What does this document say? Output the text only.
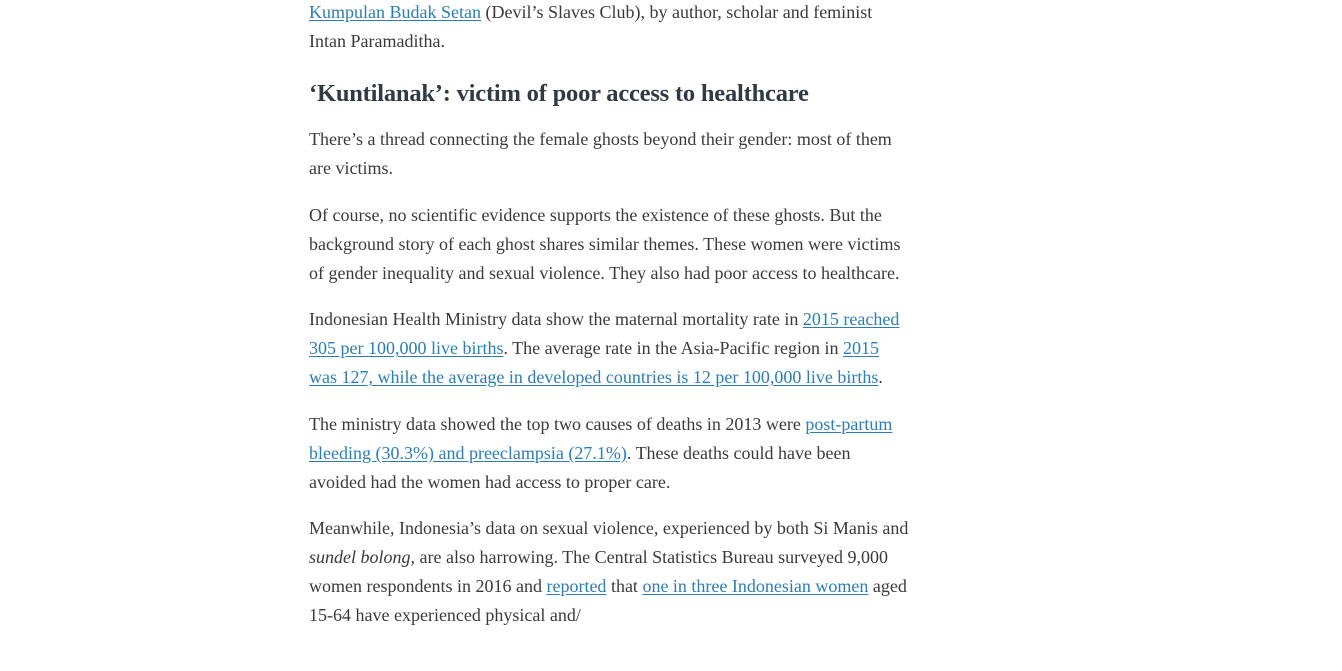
Kumpulan Budak Setan (Devil’s Slaves Club), by author, scholar and feminist Intan Paramaditha.

‘Kuntilanak’: victim of poor access to healthcare

There’s a thread connecting the female ghosts beyond their gender: most of them are victims.

Of course, no scientific evidence supports the existence of these ghosts. But the background story of each ghost shares similar themes. These women were victims of gender inequality and sexual violence. They also had poor access to healthcare.

Indonesian Health Ministry data show the maternal mortality rate in 2015 reached 305 per 100,000 live births. The average rate in the Asia-Pacific region in 2015 was 127, while the average in developed countries is 12 per 100,000 live births.

The ministry data showed the top two causes of deaths in 2013 were post-partum bleeding (30.3%) and preeclampsia (27.1%). These deaths could have been avoided had the women had access to proper care.

Meanwhile, Indonesia’s data on sexual violence, experienced by both Si Manis and sundel bolong, are also harrowing. The Central Statistics Bureau surveyed 9,000 women respondents in 2016 and reported that one in three Indonesian women aged 15-64 have experienced physical and/
